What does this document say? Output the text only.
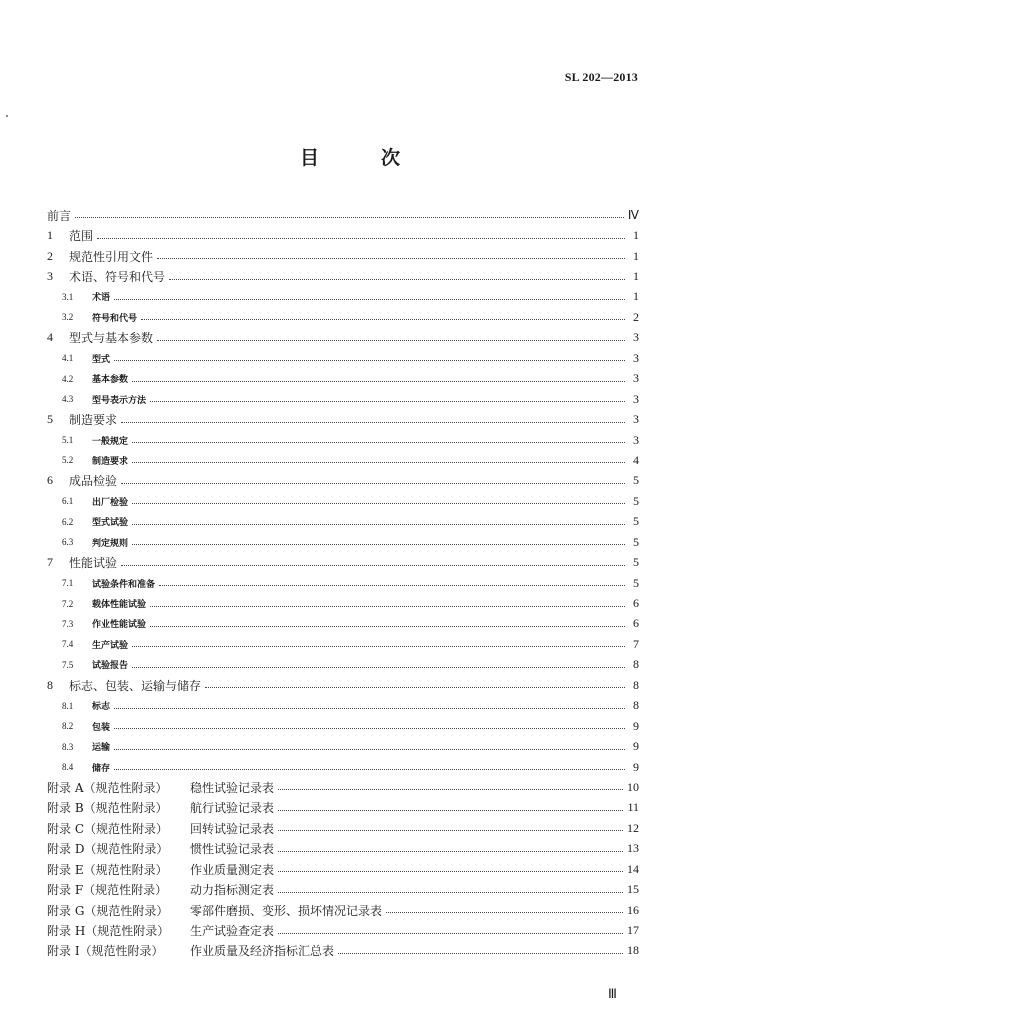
SL 202—2013
目	次
前言	Ⅳ
1	范围	1
2	规范性引用文件	1
3	术语、符号和代号	1
3.1	术语	1
3.2	符号和代号	2
4	型式与基本参数	3
4.1	型式	3
4.2	基本参数	3
4.3	型号表示方法	3
5	制造要求	3
5.1	一般规定	3
5.2	制造要求	4
6	成品检验	5
6.1	出厂检验	5
6.2	型式试验	5
6.3	判定规则	5
7	性能试验	5
7.1	试验条件和准备	5
7.2	载体性能试验	6
7.3	作业性能试验	6
7.4	生产试验	7
7.5	试验报告	8
8	标志、包装、运输与储存	8
8.1	标志	8
8.2	包装	9
8.3	运输	9
8.4	储存	9
附录 A（规范性附录）	稳性试验记录表	10
附录 B（规范性附录）	航行试验记录表	11
附录 C（规范性附录）	回转试验记录表	12
附录 D（规范性附录）	惯性试验记录表	13
附录 E（规范性附录）	作业质量测定表	14
附录 F（规范性附录）	动力指标测定表	15
附录 G（规范性附录）	零部件磨损、变形、损坏情况记录表	16
附录 H（规范性附录）	生产试验查定表	17
附录 I（规范性附录）	作业质量及经济指标汇总表	18
Ⅲ
